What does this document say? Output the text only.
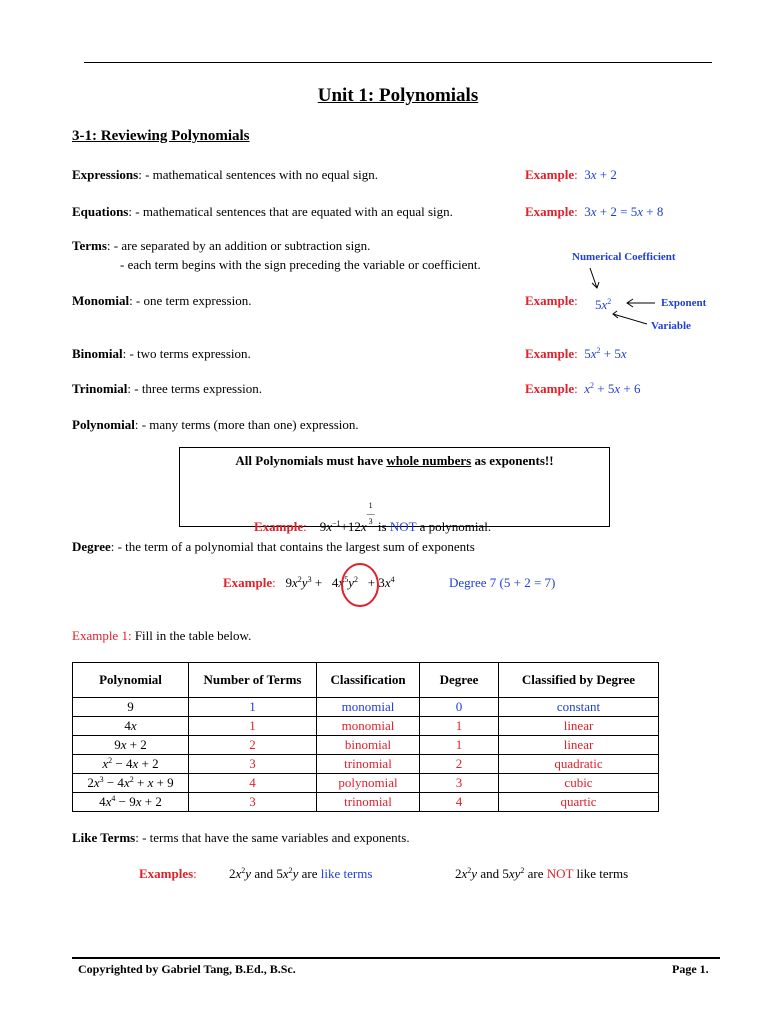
Unit 1: Polynomials
3-1: Reviewing Polynomials
Expressions: - mathematical sentences with no equal sign.	Example:  3x + 2
Equations: - mathematical sentences that are equated with an equal sign.	Example:  3x + 2 = 5x + 8
Terms: - are separated by an addition or subtraction sign.
- each term begins with the sign preceding the variable or coefficient.	Numerical Coefficient
Exponent
Variable
Monomial: - one term expression.	Example: $5x^2$
Binomial: - two terms expression.	Example:  $5x^2 + 5x$
Trinomial: - three terms expression.	Example: $x^2 + 5x + 6$
Polynomial: - many terms (more than one) expression.
All Polynomials must have whole numbers as exponents!!
Example:    $9x^{-1}+12x^{1 — 3}$ is NOT a polynomial.
Degree: - the term of a polynomial that contains the largest sum of exponents
Example:   $9x^2y^3 + 4x^5y^2 + 3x^4$	Degree 7 (5 + 2 = 7)
Example 1: Fill in the table below.
Polynomial	Number of Terms	Classification	Degree	Classified by Degree
9	1	monomial	0	constant
4x	1	monomial	1	linear
9x + 2	2	binomial	1	linear
$x^2 - 4x + 2$	3	trinomial	2	quadratic
$2x^3 - 4x^2 + x + 9$	4	polynomial	3	cubic
$4x^4 - 9x + 2$	3	trinomial	4	quartic
Like Terms: - terms that have the same variables and exponents.
Examples: $2x^2y$ and $5x^2y$ are like terms	$2x^2y$ and $5xy^2$ are NOT like terms
Copyrighted by Gabriel Tang, B.Ed., B.Sc.	Page 1.
